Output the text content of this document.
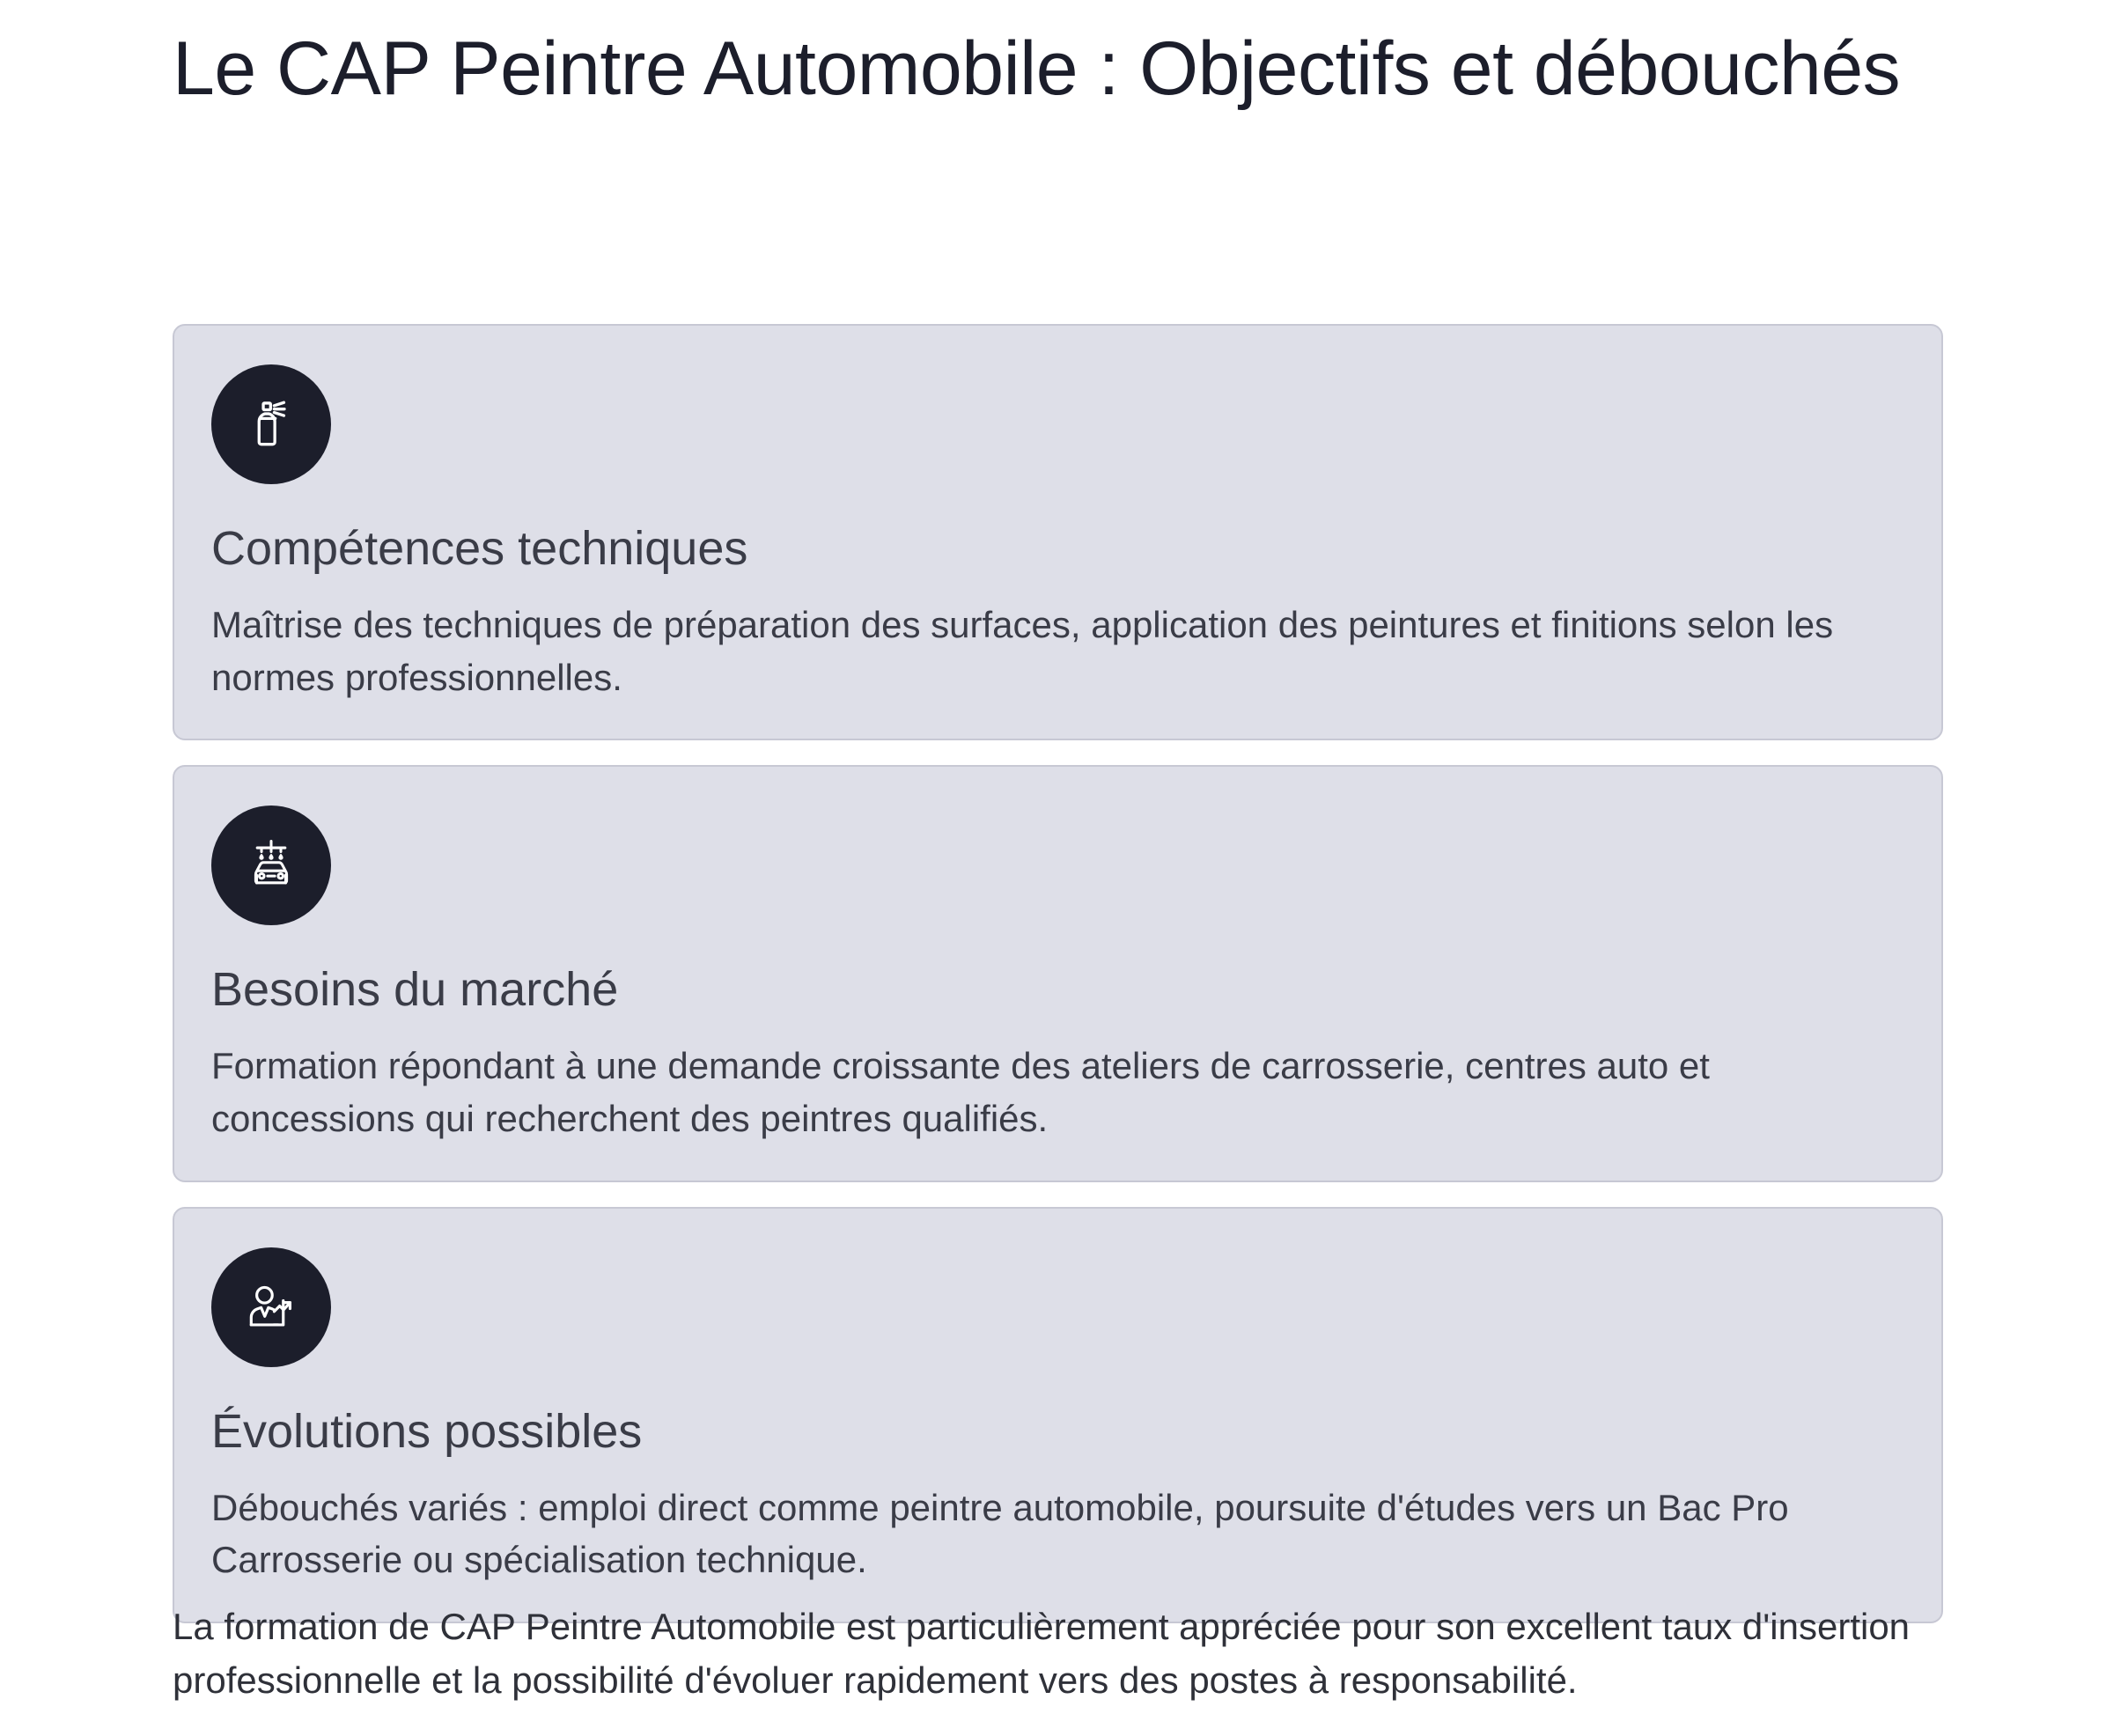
Le CAP Peintre Automobile : Objectifs et débouchés
Compétences techniques
Maîtrise des techniques de préparation des surfaces, application des peintures et finitions selon les normes professionnelles.
Besoins du marché
Formation répondant à une demande croissante des ateliers de carrosserie, centres auto et concessions qui recherchent des peintres qualifiés.
Évolutions possibles
Débouchés variés : emploi direct comme peintre automobile, poursuite d'études vers un Bac Pro Carrosserie ou spécialisation technique.

La formation de CAP Peintre Automobile est particulièrement appréciée pour son excellent taux d'insertion professionnelle et la possibilité d'évoluer rapidement vers des postes à responsabilité.
